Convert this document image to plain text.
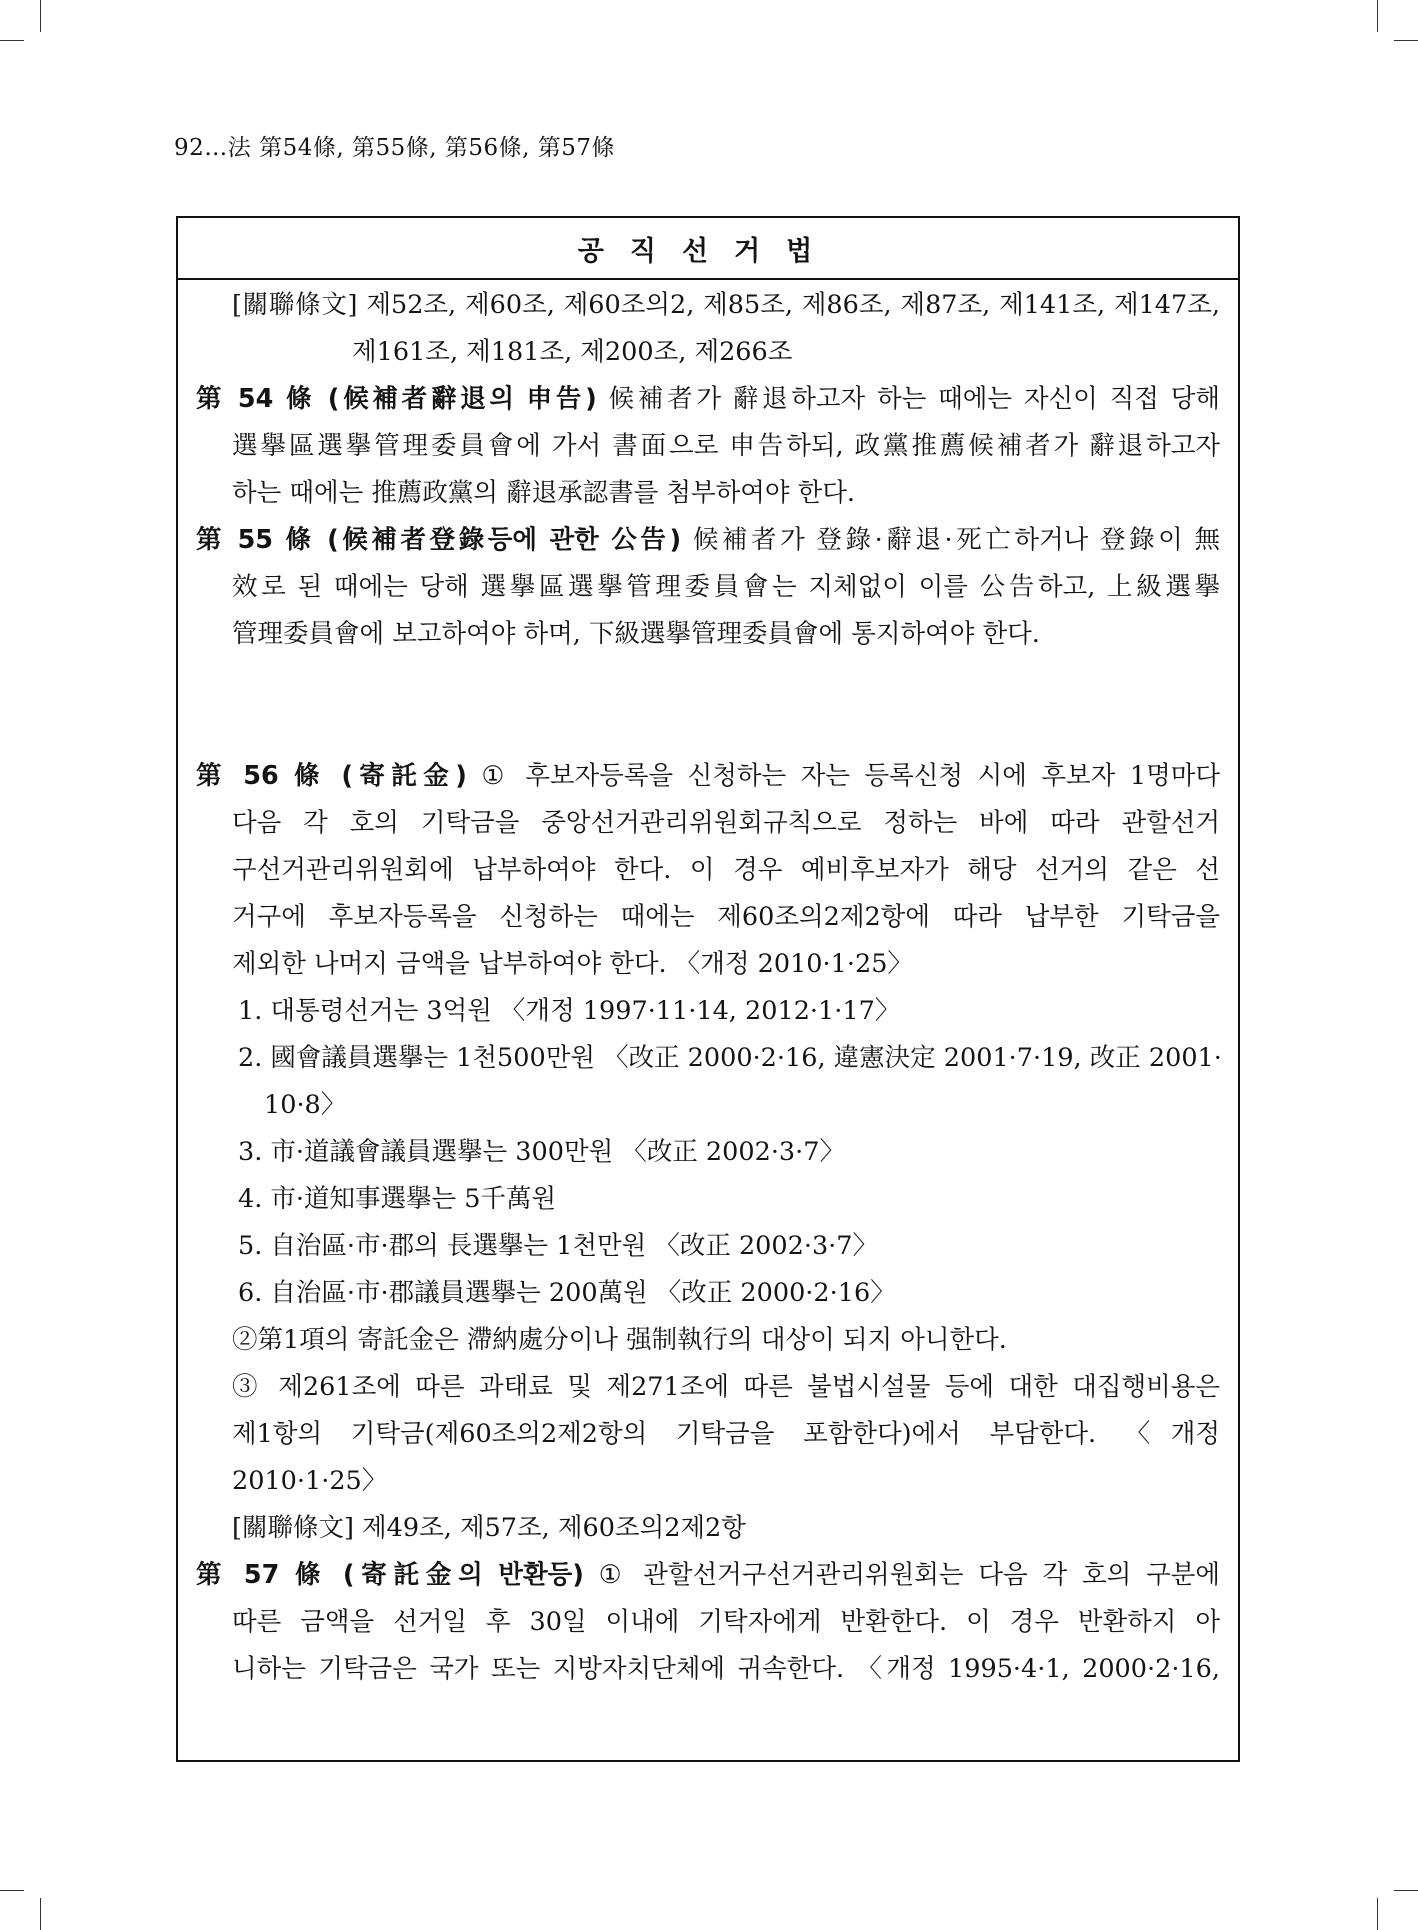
92…法 第54條, 第55條, 第56條, 第57條
공직선거법
[關聯條文] 제52조, 제60조, 제60조의2, 제85조, 제86조, 제87조, 제141조, 제147조,
제161조, 제181조, 제200조, 제266조
第 54 條 (候補者辭退의 申告) 候補者가 辭退하고자 하는 때에는 자신이 직접 당해
選擧區選擧管理委員會에 가서 書面으로 申告하되, 政黨推薦候補者가 辭退하고자
하는 때에는 推薦政黨의 辭退承認書를 첨부하여야 한다.
第 55 條 (候補者登錄등에 관한 公告) 候補者가 登錄·辭退·死亡하거나 登錄이 無
效로 된 때에는 당해 選擧區選擧管理委員會는 지체없이 이를 公告하고, 上級選擧
管理委員會에 보고하여야 하며, 下級選擧管理委員會에 통지하여야 한다.
第 56 條 (寄託金) ① 후보자등록을 신청하는 자는 등록신청 시에 후보자 1명마다
다음 각 호의 기탁금을 중앙선거관리위원회규칙으로 정하는 바에 따라 관할선거
구선거관리위원회에 납부하여야 한다. 이 경우 예비후보자가 해당 선거의 같은 선
거구에 후보자등록을 신청하는 때에는 제60조의2제2항에 따라 납부한 기탁금을
제외한 나머지 금액을 납부하여야 한다. 〈개정 2010·1·25〉
1. 대통령선거는 3억원 〈개정 1997·11·14, 2012·1·17〉
2. 國會議員選擧는 1천500만원 〈改正 2000·2·16, 違憲決定 2001·7·19, 改正 2001·
10·8〉
3. 市·道議會議員選擧는 300만원 〈改正 2002·3·7〉
4. 市·道知事選擧는 5千萬원
5. 自治區·市·郡의 長選擧는 1천만원 〈改正 2002·3·7〉
6. 自治區·市·郡議員選擧는 200萬원 〈改正 2000·2·16〉
②第1項의 寄託金은 滯納處分이나 强制執行의 대상이 되지 아니한다.
③ 제261조에 따른 과태료 및 제271조에 따른 불법시설물 등에 대한 대집행비용은
제1항의 기탁금(제60조의2제2항의 기탁금을 포함한다)에서 부담한다. 〈개정
2010·1·25〉
[關聯條文] 제49조, 제57조, 제60조의2제2항
第 57 條 (寄託金의 반환등) ① 관할선거구선거관리위원회는 다음 각 호의 구분에
따른 금액을 선거일 후 30일 이내에 기탁자에게 반환한다. 이 경우 반환하지 아
니하는 기탁금은 국가 또는 지방자치단체에 귀속한다. 〈개정 1995·4·1, 2000·2·16,
